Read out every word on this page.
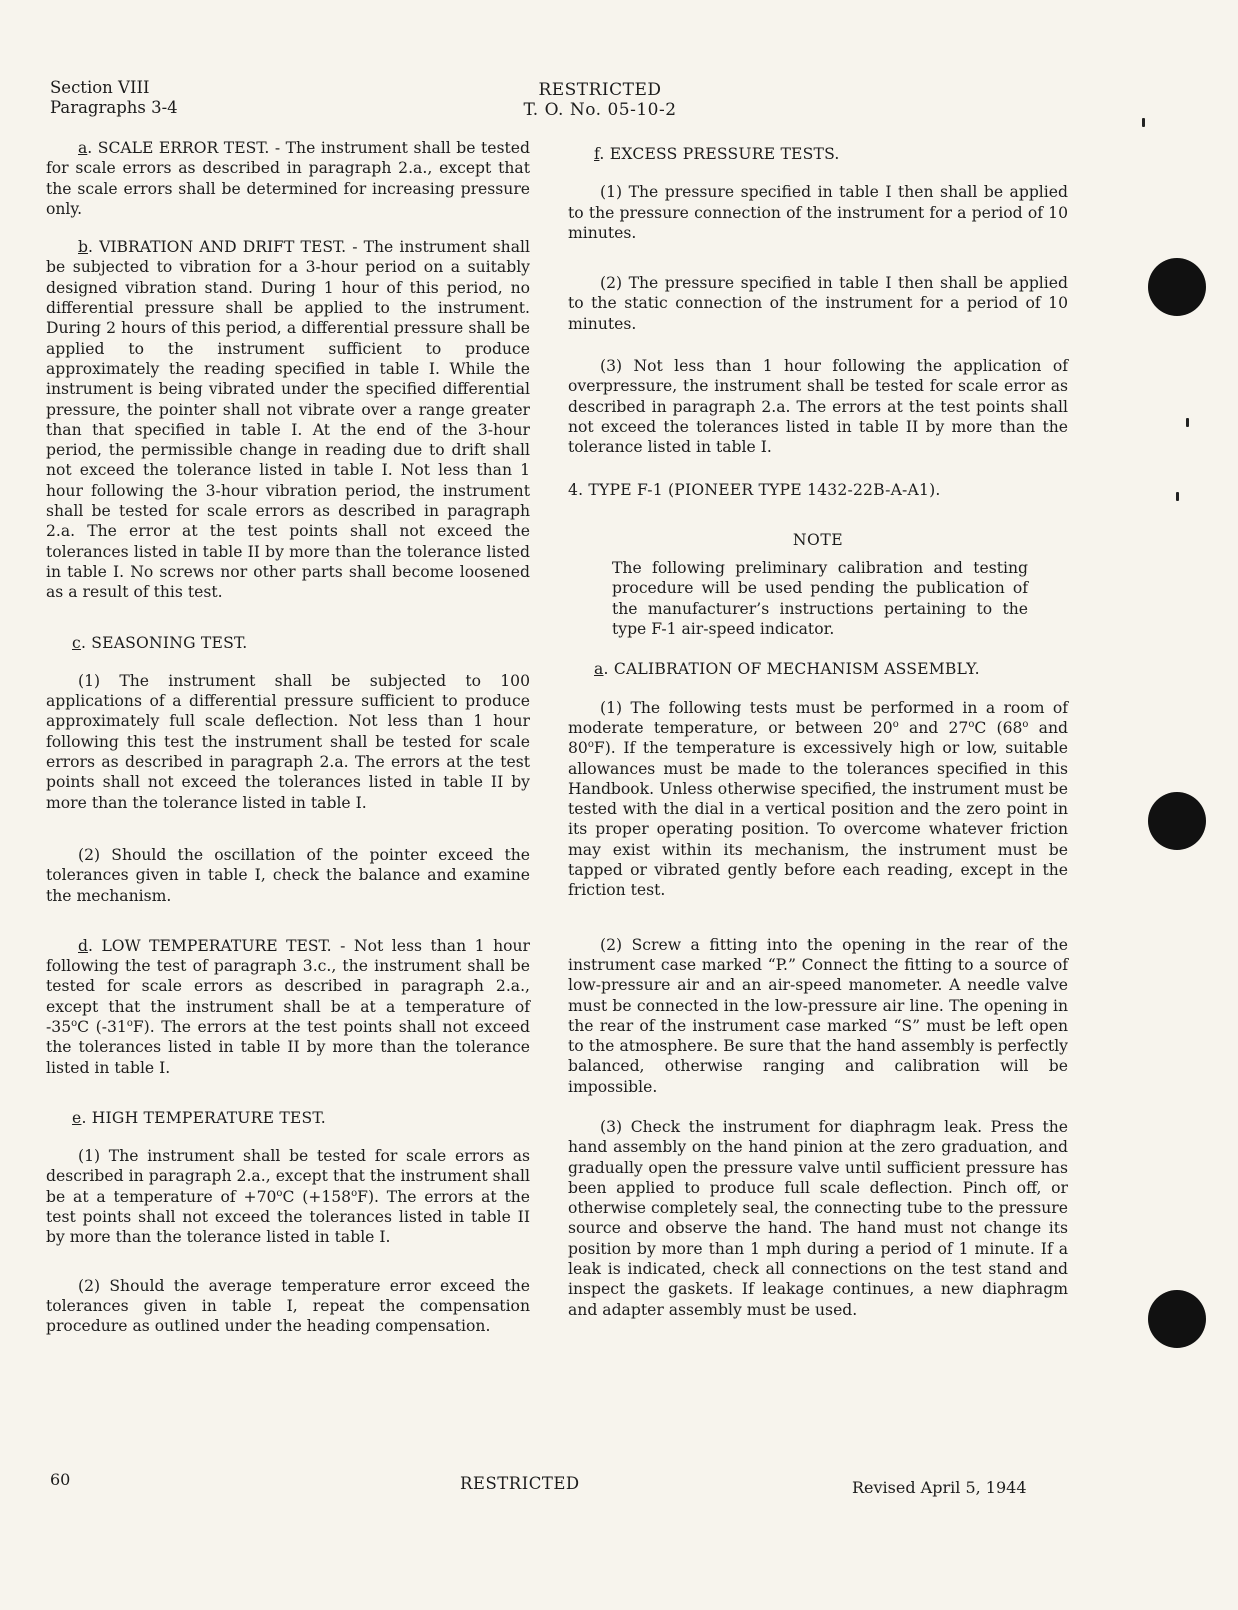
Section VIII
Paragraphs 3-4
RESTRICTED
T. O. No. 05-10-2

a. SCALE ERROR TEST. - The instrument shall be tested for scale errors as described in paragraph 2.a., except that the scale errors shall be determined for increasing pressure only.

b. VIBRATION AND DRIFT TEST. - The instrument shall be subjected to vibration for a 3-hour period on a suitably designed vibration stand. During 1 hour of this period, no differential pressure shall be applied to the instrument. During 2 hours of this period, a differential pressure shall be applied to the instrument sufficient to produce approximately the reading specified in table I. While the instrument is being vibrated under the specified differential pressure, the pointer shall not vibrate over a range greater than that specified in table I. At the end of the 3-hour period, the permissible change in reading due to drift shall not exceed the tolerance listed in table I. Not less than 1 hour following the 3-hour vibration period, the instrument shall be tested for scale errors as described in paragraph 2.a. The error at the test points shall not exceed the tolerances listed in table II by more than the tolerance listed in table I. No screws nor other parts shall become loosened as a result of this test.

c. SEASONING TEST.

(1) The instrument shall be subjected to 100 applications of a differential pressure sufficient to produce approximately full scale deflection. Not less than 1 hour following this test the instrument shall be tested for scale errors as described in paragraph 2.a. The errors at the test points shall not exceed the tolerances listed in table II by more than the tolerance listed in table I.

(2) Should the oscillation of the pointer exceed the tolerances given in table I, check the balance and examine the mechanism.

d. LOW TEMPERATURE TEST. - Not less than 1 hour following the test of paragraph 3.c., the instrument shall be tested for scale errors as described in paragraph 2.a., except that the instrument shall be at a temperature of -35$^o$C (-31$^o$F). The errors at the test points shall not exceed the tolerances listed in table II by more than the tolerance listed in table I.

e. HIGH TEMPERATURE TEST.

(1) The instrument shall be tested for scale errors as described in paragraph 2.a., except that the instrument shall be at a temperature of $+70^oC$ $(+158^oF)$. The errors at the test points shall not exceed the tolerances listed in table II by more than the tolerance listed in table I.

(2) Should the average temperature error exceed the tolerances given in table I, repeat the compensation procedure as outlined under the heading compensation.

f. EXCESS PRESSURE TESTS.

(1) The pressure specified in table I then shall be applied to the pressure connection of the instrument for a period of 10 minutes.

(2) The pressure specified in table I then shall be applied to the static connection of the instrument for a period of 10 minutes.

(3) Not less than 1 hour following the application of overpressure, the instrument shall be tested for scale error as described in paragraph 2.a. The errors at the test points shall not exceed the tolerances listed in table II by more than the tolerance listed in table I.

4. TYPE F-1 (PIONEER TYPE 1432-22B-A-A1).

NOTE

The following preliminary calibration and testing procedure will be used pending the publication of the manufacturer’s instructions pertaining to the type F-1 air-speed indicator.

a. CALIBRATION OF MECHANISM ASSEMBLY.

(1) The following tests must be performed in a room of moderate temperature, or between 20$^o$ and 27$^o$C (68$^o$ and 80$^o$F). If the temperature is excessively high or low, suitable allowances must be made to the tolerances specified in this Handbook. Unless otherwise specified, the instrument must be tested with the dial in a vertical position and the zero point in its proper operating position. To overcome whatever friction may exist within its mechanism, the instrument must be tapped or vibrated gently before each reading, except in the friction test.

(2) Screw a fitting into the opening in the rear of the instrument case marked “P.” Connect the fitting to a source of low-pressure air and an air-speed manometer. A needle valve must be connected in the low-pressure air line. The opening in the rear of the instrument case marked “S” must be left open to the atmosphere. Be sure that the hand assembly is perfectly balanced, otherwise ranging and calibration will be impossible.

(3) Check the instrument for diaphragm leak. Press the hand assembly on the hand pinion at the zero graduation, and gradually open the pressure valve until sufficient pressure has been applied to produce full scale deflection. Pinch off, or otherwise completely seal, the connecting tube to the pressure source and observe the hand. The hand must not change its position by more than 1 mph during a period of 1 minute. If a leak is indicated, check all connections on the test stand and inspect the gaskets. If leakage continues, a new diaphragm and adapter assembly must be used.

60	RESTRICTED	Revised April 5, 1944
